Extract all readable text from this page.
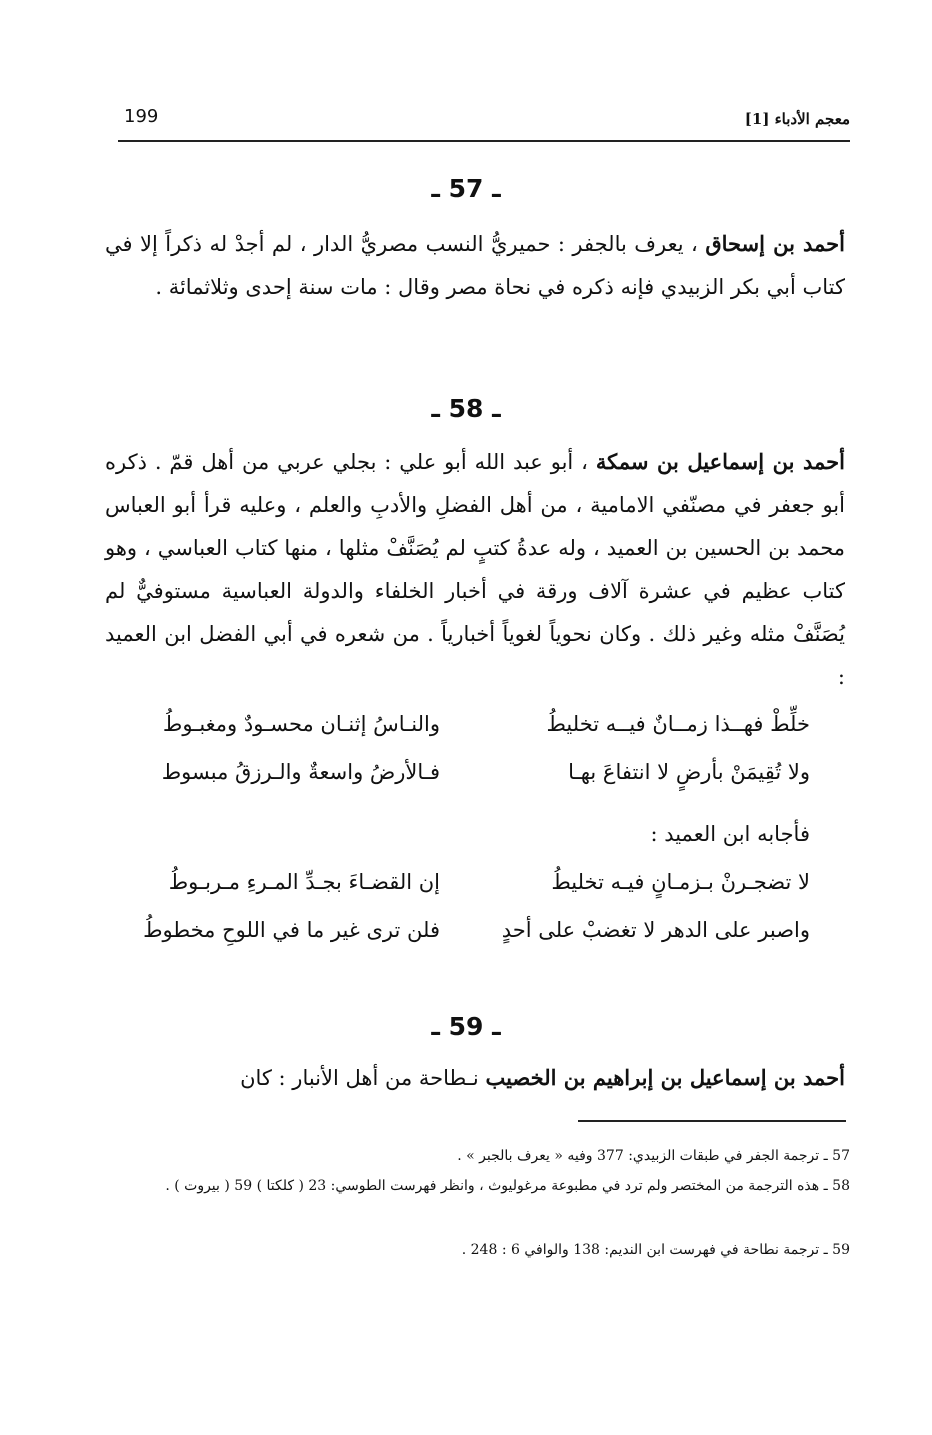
معجم الأدباء [1]
199
ـ 57 ـ
أحمد بن إسحاق ، يعرف بالجفر : حميريُّ النسب مصريُّ الدار ، لم أجدْ له ذكراً إلا في كتاب أبي بكر الزبيدي فإنه ذكره في نحاة مصر وقال : مات سنة إحدى وثلاثمائة .
ـ 58 ـ
أحمد بن إسماعيل بن سمكة ، أبو عبد الله أبو علي : بجلي عربي من أهل قمّ . ذكره أبو جعفر في مصنّفي الامامية ، من أهل الفضلِ والأدبِ والعلم ، وعليه قرأ أبو العباس محمد بن الحسين بن العميد ، وله عدةُ كتبٍ لم يُصَنَّفْ مثلها ، منها كتاب العباسي ، وهو كتاب عظيم في عشرة آلاف ورقة في أخبار الخلفاء والدولة العباسية مستوفيٌّ لم يُصَنَّفْ مثله وغير ذلك . وكان نحوياً لغوياً أخبارياً . من شعره في أبي الفضل ابن العميد :
خلِّطْ فهــذا زمــانٌ فيــه تخليطُ
والنـاسُ إثنـان محسـودٌ ومغبـوطُ
ولا تُقِيمَنْ بأرضٍ لا انتفاعَ بهـا
فـالأرضُ واسعةٌ والـرزقُ مبسوط
فأجابه ابن العميد :
لا تضجـرنْ بـزمـانٍ فيـه تخليطُ
إن القضـاءَ بجـدِّ المـرءِ مـربـوطُ
واصبر على الدهر لا تغضبْ على أحدٍ
فلن ترى غير ما في اللوحِ مخطوطُ
ـ 59 ـ
أحمد بن إسماعيل بن إبراهيم بن الخصيب نـطاحة من أهل الأنبار : كان
57 ـ ترجمة الجفر في طبقات الزبيدي: 377 وفيه « يعرف بالجبر » .
58 ـ هذه الترجمة من المختصر ولم ترد في مطبوعة مرغوليوث ، وانظر فهرست الطوسي: 23 ( كلكتا ) 59 ( بيروت ) .
59 ـ ترجمة نطاحة في فهرست ابن النديم: 138 والوافي 6 : 248 .
